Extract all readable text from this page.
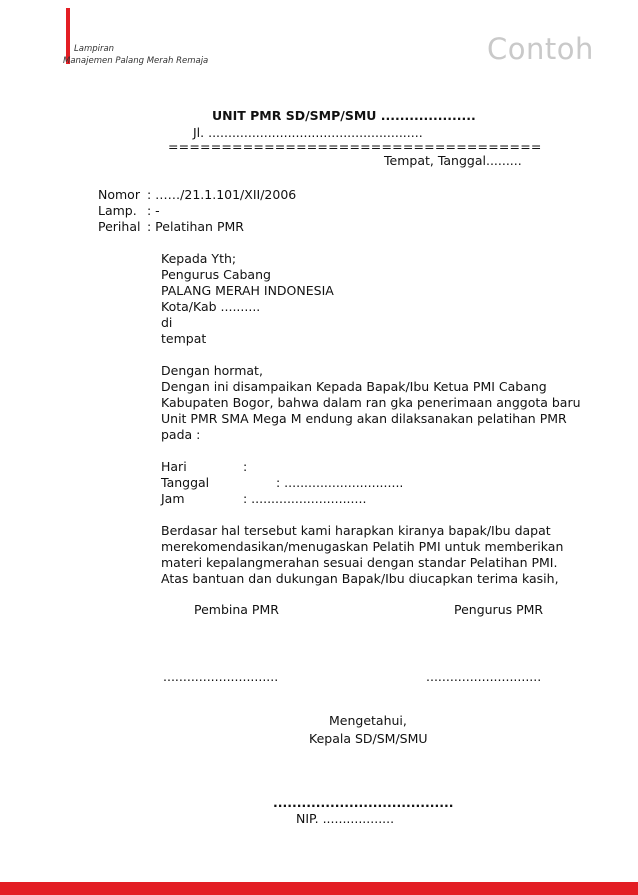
Lampiran
Manajemen Palang Merah Remaja	Contoh
UNIT PMR SD/SMP/SMU ....................
Jl. ......................................................
===================================
Tempat, Tanggal.........
Nomor : ……/21.1.101/XII/2006
Lamp. : -
Perihal : Pelatihan PMR
Kepada Yth;
Pengurus Cabang
PALANG MERAH INDONESIA
Kota/Kab ..........
di
tempat
Dengan hormat,
Dengan ini disampaikan Kepada Bapak/Ibu Ketua PMI Cabang
Kabupaten Bogor, bahwa dalam ran gka penerimaan anggota baru
Unit PMR SMA Mega M endung akan dilaksanakan pelatihan PMR
pada :
Hari	:
Tanggal	: ..............................
Jam	: .............................
Berdasar hal tersebut kami harapkan kiranya bapak/Ibu dapat
merekomendasikan/menugaskan Pelatih PMI untuk memberikan
materi kepalangmerahan sesuai dengan standar Pelatihan PMI.
Atas bantuan dan dukungan Bapak/Ibu diucapkan terima kasih,
Pembina PMR	Pengurus PMR
.............................	.............................
Mengetahui,
Kepala SD/SM/SMU
......................................
NIP. ..................
